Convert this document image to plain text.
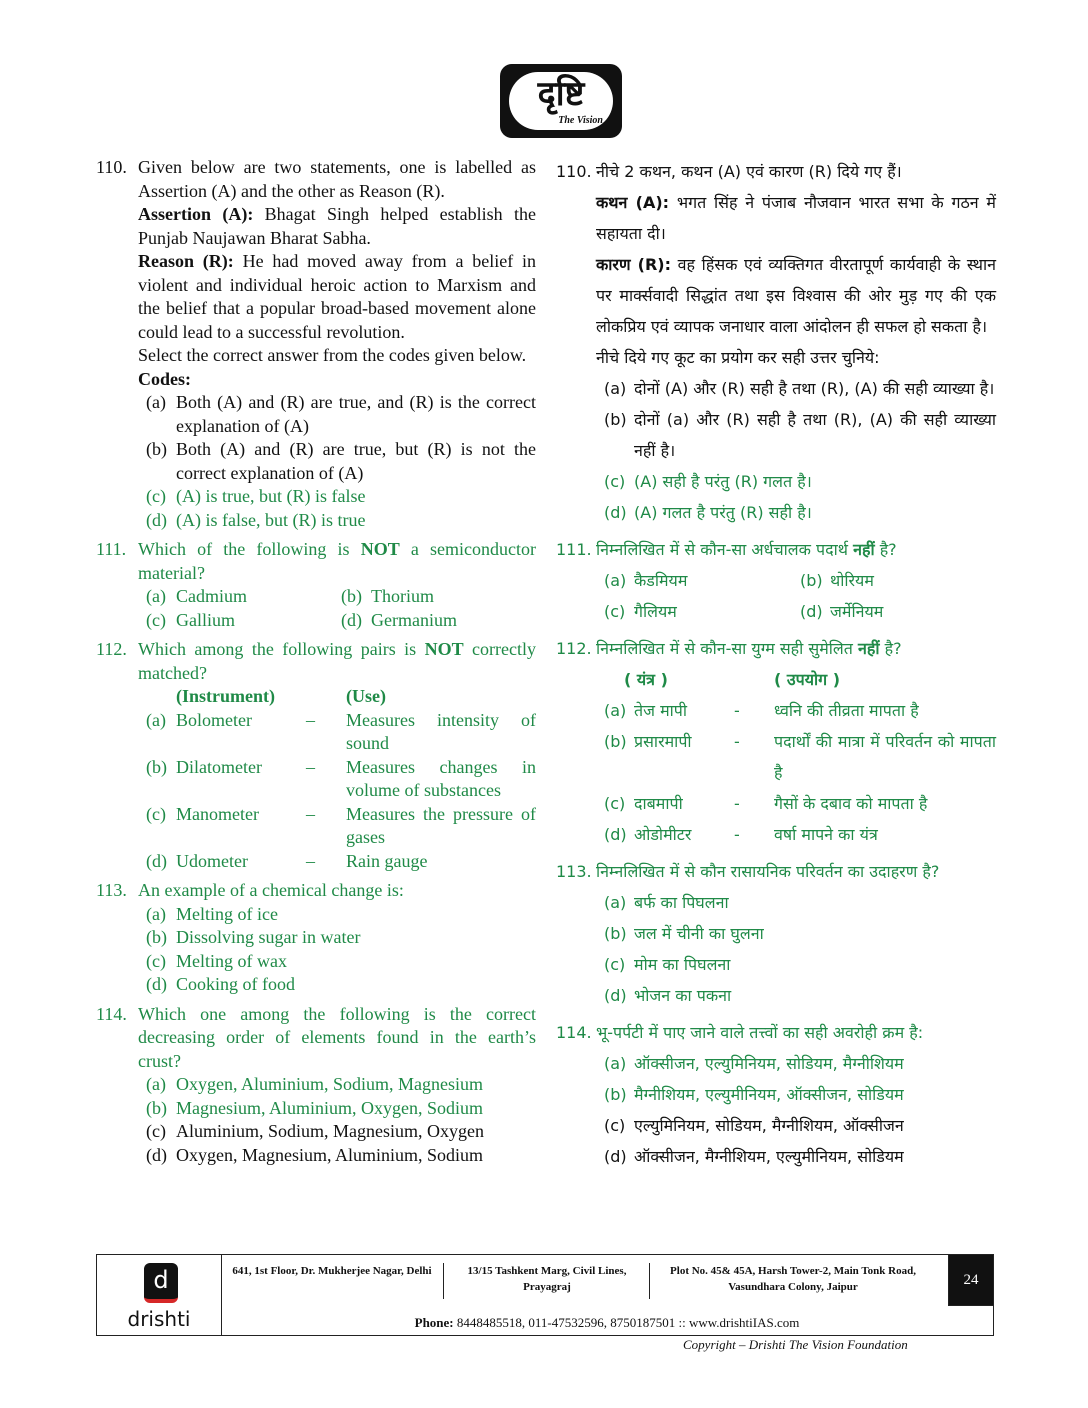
दृष्टि
The Vision
110. Given below are two statements, one is labelled as Assertion (A) and the other as Reason (R).
Assertion (A): Bhagat Singh helped establish the Punjab Naujawan Bharat Sabha.
Reason (R): He had moved away from a belief in violent and individual heroic action to Marxism and the belief that a popular broad-based movement alone could lead to a successful revolution.
Select the correct answer from the codes given below.
Codes:
(a) Both (A) and (R) are true, and (R) is the correct explanation of (A)
(b) Both (A) and (R) are true, but (R) is not the correct explanation of (A)
(c) (A) is true, but (R) is false
(d) (A) is false, but (R) is true
111. Which of the following is NOT a semiconductor material?
(a) Cadmium	(b) Thorium
(c) Gallium	(d) Germanium
112. Which among the following pairs is NOT correctly matched?
(Instrument)	(Use)
(a) Bolometer	–	Measures intensity of sound
(b) Dilatometer –	Measures changes in volume of substances
(c) Manometer	–	Measures the pressure of gases
(d) Udometer	–	Rain gauge
113. An example of a chemical change is:
(a) Melting of ice
(b) Dissolving sugar in water
(c) Melting of wax
(d) Cooking of food
114. Which one among the following is the correct decreasing order of elements found in the earth’s crust?
(a) Oxygen, Aluminium, Sodium, Magnesium
(b) Magnesium, Aluminium, Oxygen, Sodium
(c) Aluminium, Sodium, Magnesium, Oxygen
(d) Oxygen, Magnesium, Aluminium, Sodium
110. नीचे 2 कथन, कथन (A) एवं कारण (R) दिये गए हैं।
कथन (A): भगत सिंह ने पंजाब नौजवान भारत सभा के गठन में सहायता दी।
कारण (R): वह हिंसक एवं व्यक्तिगत वीरतापूर्ण कार्यवाही के स्थान पर मार्क्सवादी सिद्धांत तथा इस विश्वास की ओर मुड़ गए की एक लोकप्रिय एवं व्यापक जनाधार वाला आंदोलन ही सफल हो सकता है।
नीचे दिये गए कूट का प्रयोग कर सही उत्तर चुनिये:
(a) दोनों (A) और (R) सही है तथा (R), (A) की सही व्याख्या है।
(b) दोनों (a) और (R) सही है तथा (R), (A) की सही व्याख्या नहीं है।
(c) (A) सही है परंतु (R) गलत है।
(d) (A) गलत है परंतु (R) सही है।
111. निम्नलिखित में से कौन-सा अर्धचालक पदार्थ नहीं है?
(a) कैडमियम	(b) थोरियम
(c) गैलियम	(d) जर्मेनियम
112. निम्नलिखित में से कौन-सा युग्म सही सुमेलित नहीं है?
( यंत्र )	( उपयोग )
(a) तेज मापी	-	ध्वनि की तीव्रता मापता है
(b) प्रसारमापी	-	पदार्थों की मात्रा में परिवर्तन को मापता है
(c) दाबमापी	-	गैसों के दबाव को मापता है
(d) ओडोमीटर	-	वर्षा मापने का यंत्र
113. निम्नलिखित में से कौन रासायनिक परिवर्तन का उदाहरण है?
(a) बर्फ का पिघलना
(b) जल में चीनी का घुलना
(c) मोम का पिघलना
(d) भोजन का पकना
114. भू-पर्पटी में पाए जाने वाले तत्त्वों का सही अवरोही क्रम है:
(a) ऑक्सीजन, एल्युमिनियम, सोडियम, मैग्नीशियम
(b) मैग्नीशियम, एल्युमीनियम, ऑक्सीजन, सोडियम
(c) एल्युमिनियम, सोडियम, मैग्नीशियम, ऑक्सीजन
(d) ऑक्सीजन, मैग्नीशियम, एल्युमीनियम, सोडियम
d
drishti
641, 1st Floor, Dr. Mukherjee Nagar, Delhi	13/15 Tashkent Marg, Civil Lines, Prayagraj
Plot No. 45& 45A, Harsh Tower-2, Main Tonk Road, Vasundhara Colony, Jaipur	24
Phone: 8448485518, 011-47532596, 8750187501 :: www.drishtiIAS.com
Copyright – Drishti The Vision Foundation
